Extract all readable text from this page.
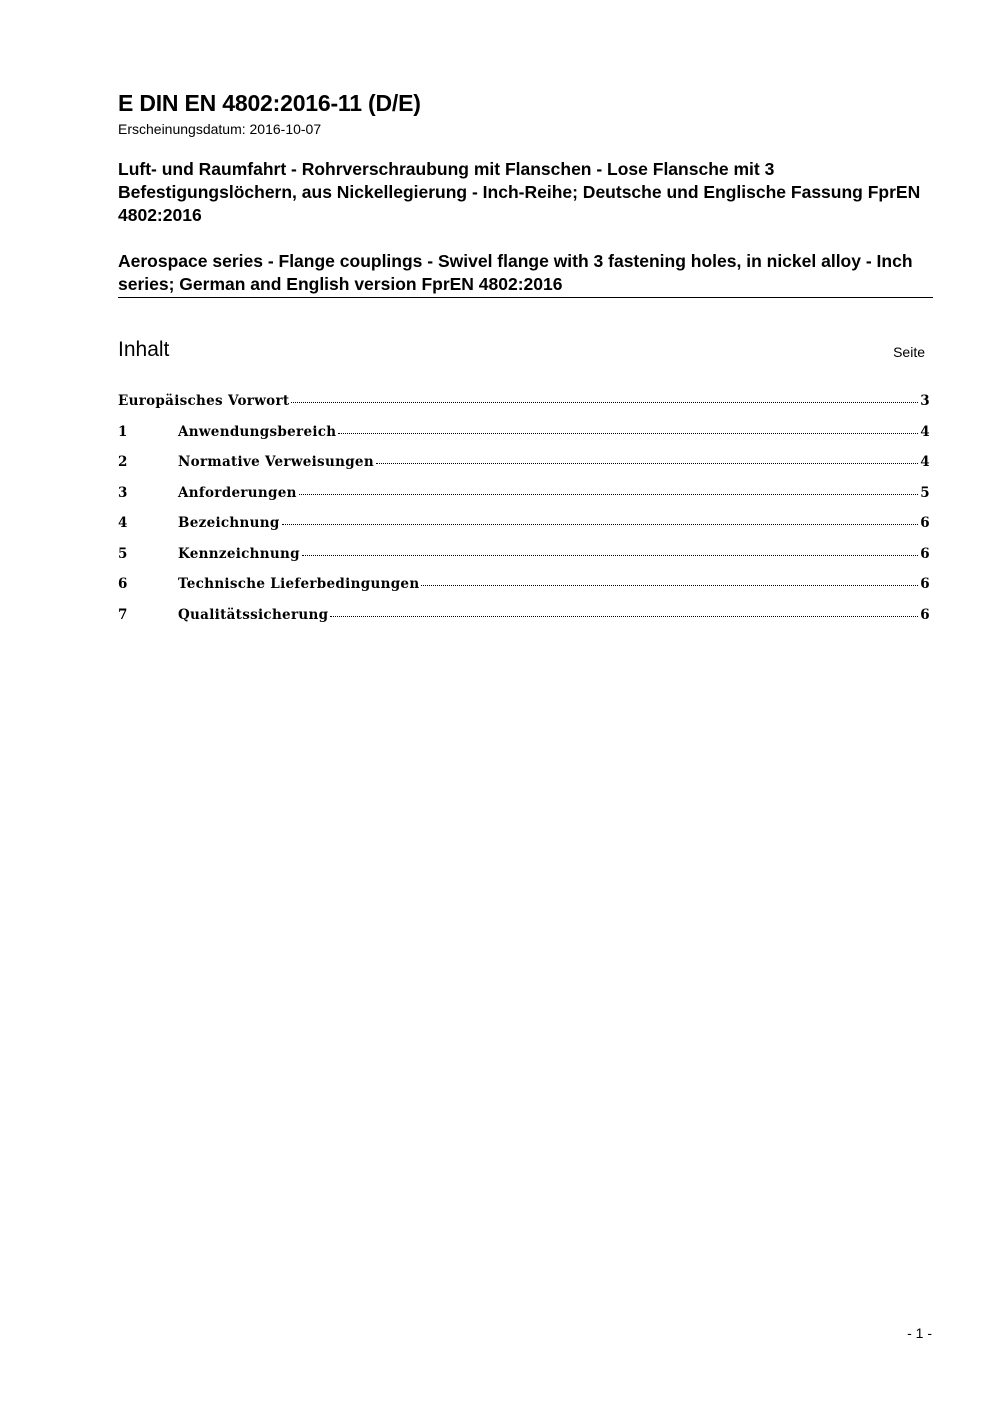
E DIN EN 4802:2016-11 (D/E)
Erscheinungsdatum: 2016-10-07
Luft- und Raumfahrt - Rohrverschraubung mit Flanschen - Lose Flansche mit 3 Befestigungslöchern, aus Nickellegierung - Inch-Reihe; Deutsche und Englische Fassung FprEN 4802:2016
Aerospace series - Flange couplings - Swivel flange with 3 fastening holes, in nickel alloy - Inch series; German and English version FprEN 4802:2016
Inhalt	Seite
Europäisches Vorwort	3
1	Anwendungsbereich	4
2	Normative Verweisungen	4
3	Anforderungen	5
4	Bezeichnung	6
5	Kennzeichnung	6
6	Technische Lieferbedingungen	6
7	Qualitätssicherung	6
- 1 -
